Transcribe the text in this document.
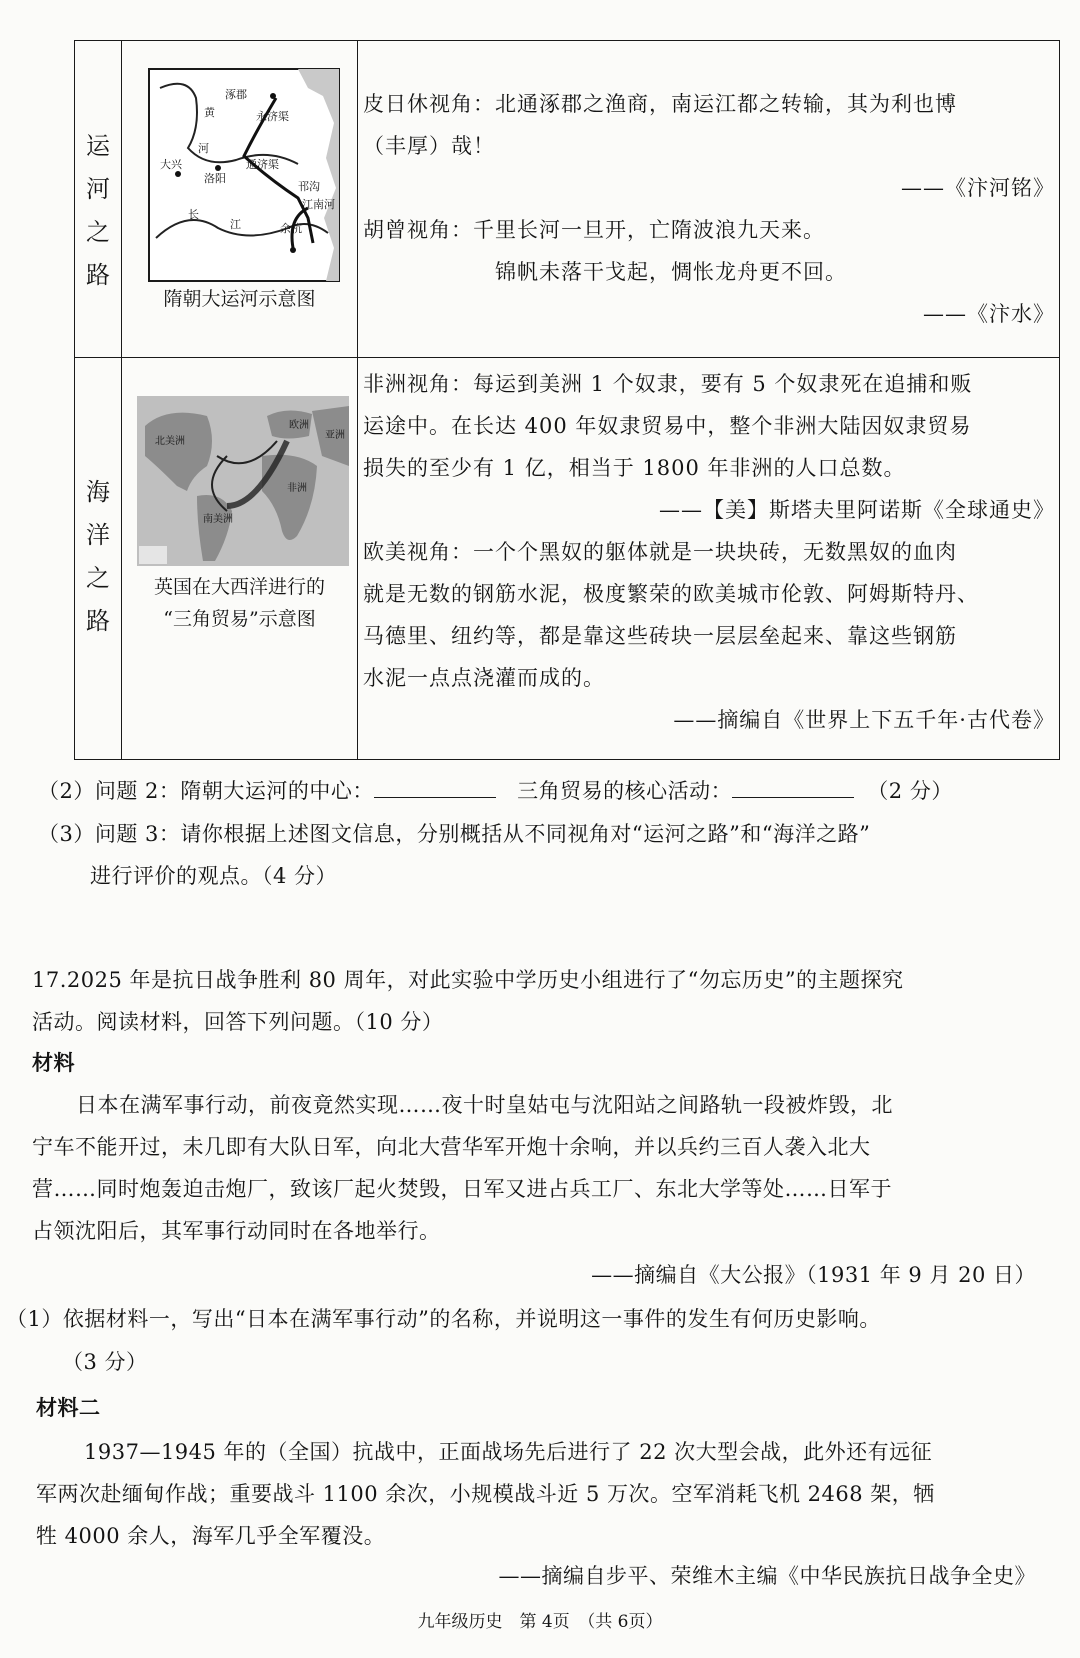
运
河
之
路
涿郡
永济渠
大兴
洛阳
通济渠
邗沟
江南河
余杭
黄
河
长
江
隋朝大运河示意图
皮日休视角：北通涿郡之渔商，南运江都之转输，其为利也博
（丰厚）哉！
——《汴河铭》
胡曾视角：千里长河一旦开，亡隋波浪九天来。
锦帆未落干戈起，惆怅龙舟更不回。
——《汴水》
海
洋
之
路
北美洲
欧洲
亚洲
非洲
南美洲
英国在大西洋进行的
“三角贸易”示意图
非洲视角：每运到美洲 1 个奴隶，要有 5 个奴隶死在追捕和贩
运途中。在长达 400 年奴隶贸易中，整个非洲大陆因奴隶贸易
损失的至少有 1 亿，相当于 1800 年非洲的人口总数。
——【美】斯塔夫里阿诺斯《全球通史》
欧美视角：一个个黑奴的躯体就是一块块砖，无数黑奴的血肉
就是无数的钢筋水泥，极度繁荣的欧美城市伦敦、阿姆斯特丹、
马德里、纽约等，都是靠这些砖块一层层垒起来、靠这些钢筋
水泥一点点浇灌而成的。
——摘编自《世界上下五千年·古代卷》
（2）问题 2：隋朝大运河的中心：	三角贸易的核心活动：	（2 分）
（3）问题 3：请你根据上述图文信息，分别概括从不同视角对“运河之路”和“海洋之路”
进行评价的观点。（4 分）
17.2025 年是抗日战争胜利 80 周年，对此实验中学历史小组进行了“勿忘历史”的主题探究
活动。阅读材料，回答下列问题。（10 分）
材料
日本在满军事行动，前夜竟然实现……夜十时皇姑屯与沈阳站之间路轨一段被炸毁，北
宁车不能开过，未几即有大队日军，向北大营华军开炮十余响，并以兵约三百人袭入北大
营……同时炮轰迫击炮厂，致该厂起火焚毁，日军又进占兵工厂、东北大学等处……日军于
占领沈阳后，其军事行动同时在各地举行。
——摘编自《大公报》（1931 年 9 月 20 日）
（1）依据材料一，写出“日本在满军事行动”的名称，并说明这一事件的发生有何历史影响。
（3 分）
材料二
1937—1945 年的（全国）抗战中，正面战场先后进行了 22 次大型会战，此外还有远征
军两次赴缅甸作战；重要战斗 1100 余次，小规模战斗近 5 万次。空军消耗飞机 2468 架，牺
牲 4000 余人，海军几乎全军覆没。
九年级历史　第 4页　（共 6页）
——摘编自步平、荣维木主编《中华民族抗日战争全史》
